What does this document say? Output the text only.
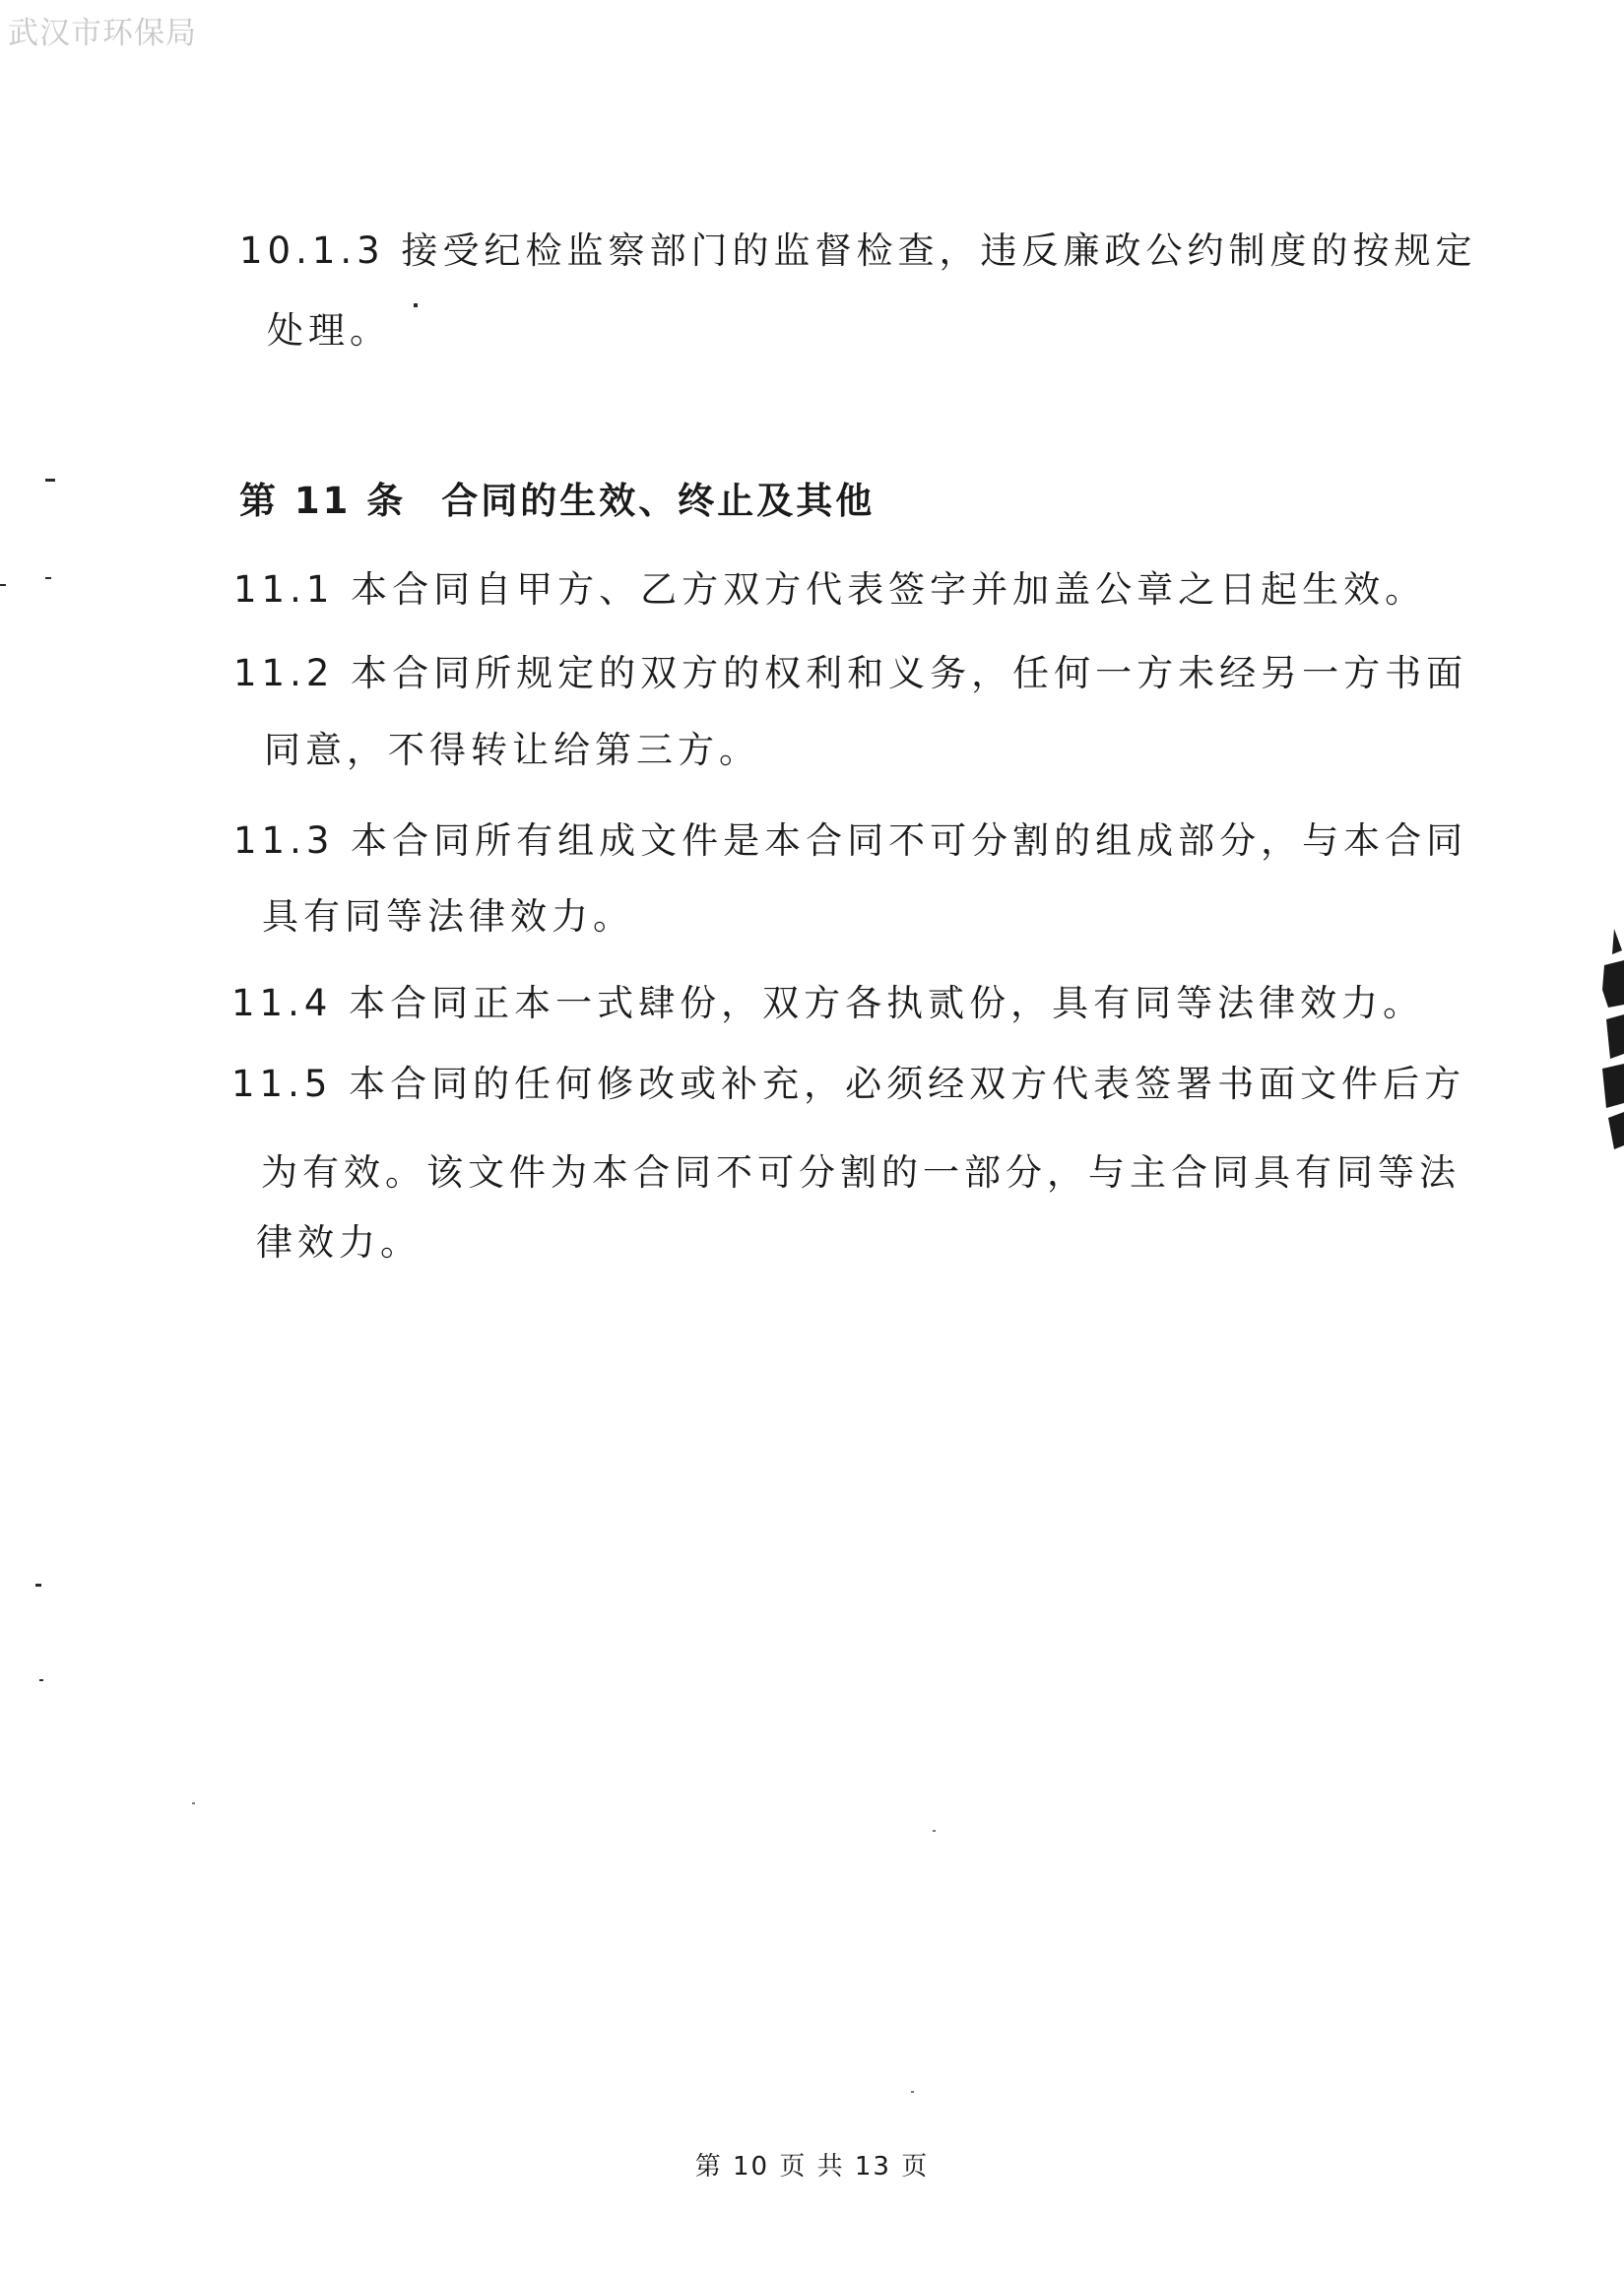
武汉市环保局
10.1.3 接受纪检监察部门的监督检查，违反廉政公约制度的按规定
处理。
第 11 条 合同的生效、终止及其他
11.1 本合同自甲方、乙方双方代表签字并加盖公章之日起生效。
11.2 本合同所规定的双方的权利和义务，任何一方未经另一方书面
同意，不得转让给第三方。
11.3 本合同所有组成文件是本合同不可分割的组成部分，与本合同
具有同等法律效力。
11.4 本合同正本一式肆份，双方各执贰份，具有同等法律效力。
11.5 本合同的任何修改或补充，必须经双方代表签署书面文件后方
为有效。该文件为本合同不可分割的一部分，与主合同具有同等法
律效力。
第 10 页 共 13 页
